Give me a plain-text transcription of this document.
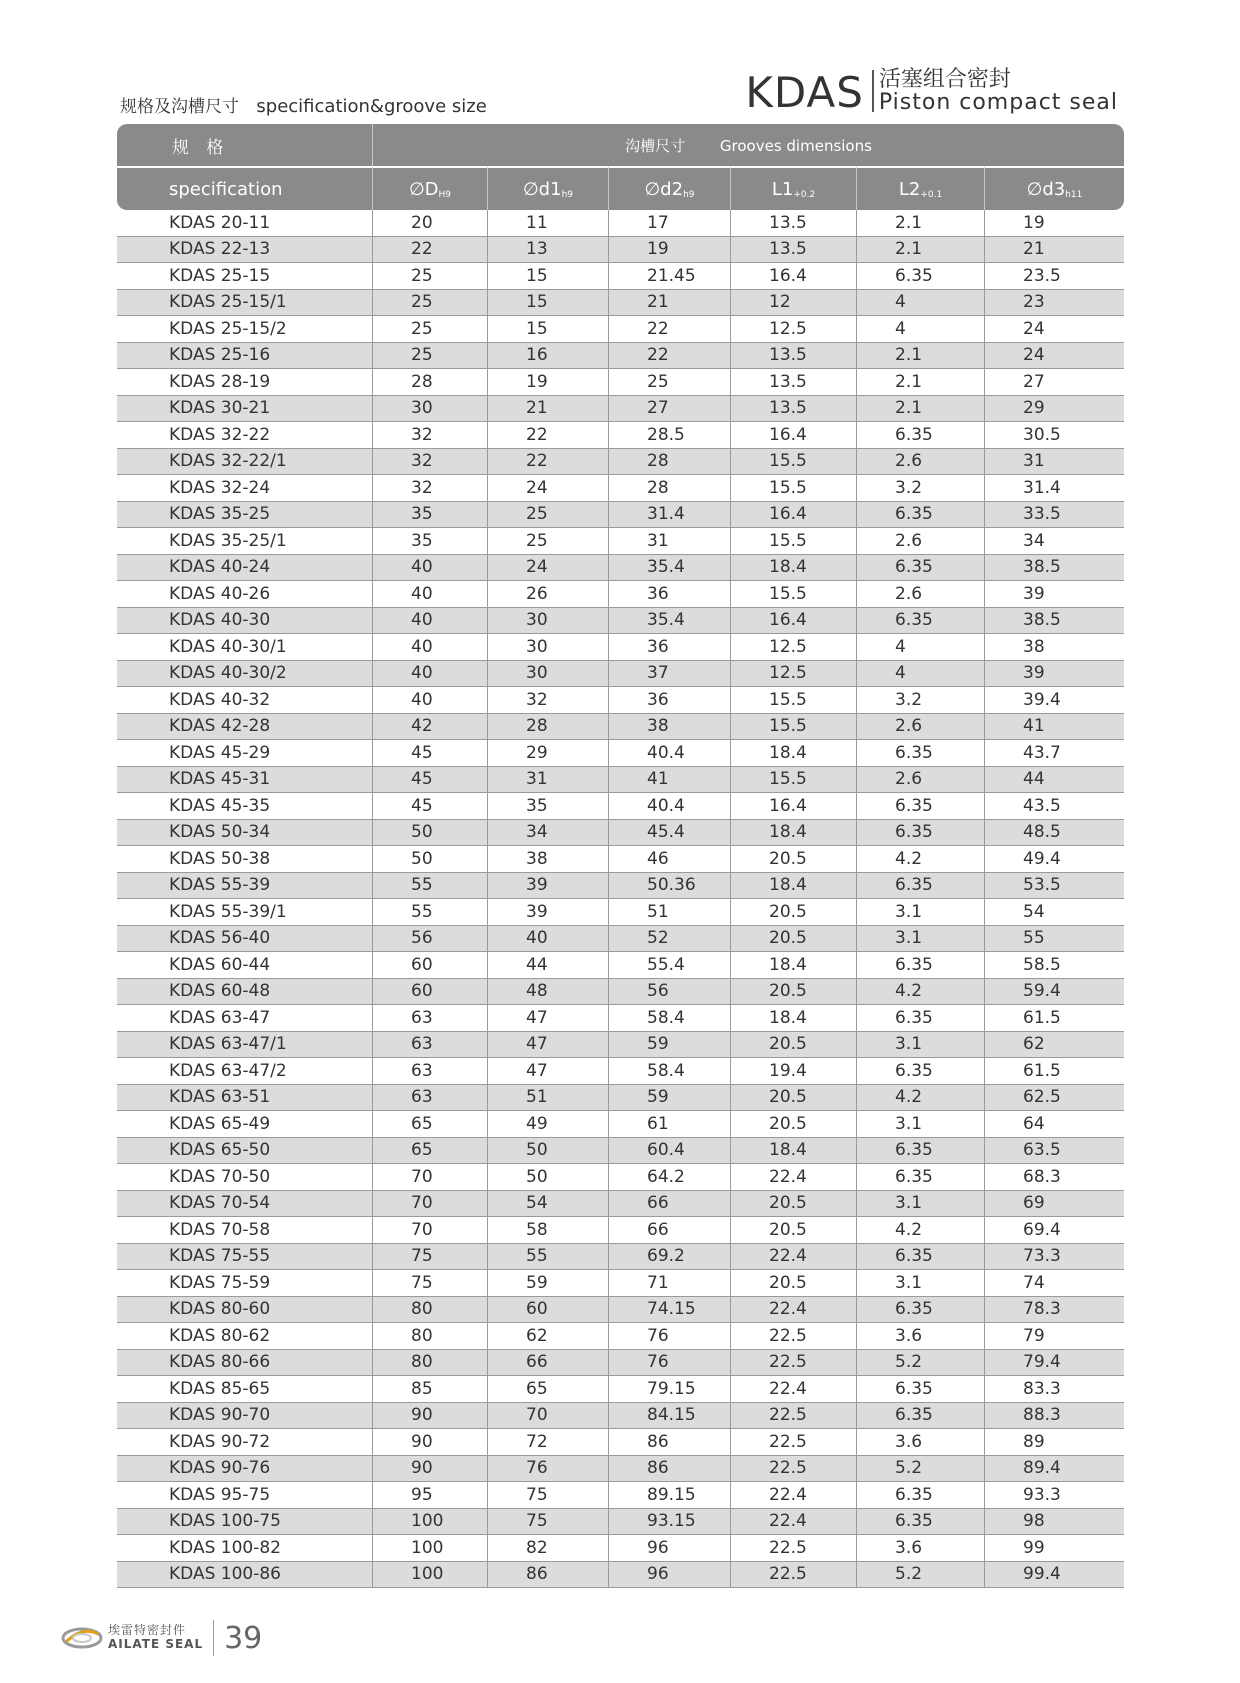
规格及沟槽尺寸 specification&groove size	KDAS 活塞组合密封
Piston compact seal
规 格	沟槽尺寸 Grooves dimensions					
specification	$\emptyset D_{H9}$	$\emptyset d1_{h9}$	$\emptyset d2_{h9}$	$L1_{+0.2}$	$L2_{+0.1}$	$\emptyset d3_{h11}$
KDAS 20-11	20	11	17	13.5	2.1	19
KDAS 22-13	22	13	19	13.5	2.1	21
KDAS 25-15	25	15	21.45	16.4	6.35	23.5
KDAS 25-15/1	25	15	21	12	4	23
KDAS 25-15/2	25	15	22	12.5	4	24
KDAS 25-16	25	16	22	13.5	2.1	24
KDAS 28-19	28	19	25	13.5	2.1	27
KDAS 30-21	30	21	27	13.5	2.1	29
KDAS 32-22	32	22	28.5	16.4	6.35	30.5
KDAS 32-22/1	32	22	28	15.5	2.6	31
KDAS 32-24	32	24	28	15.5	3.2	31.4
KDAS 35-25	35	25	31.4	16.4	6.35	33.5
KDAS 35-25/1	35	25	31	15.5	2.6	34
KDAS 40-24	40	24	35.4	18.4	6.35	38.5
KDAS 40-26	40	26	36	15.5	2.6	39
KDAS 40-30	40	30	35.4	16.4	6.35	38.5
KDAS 40-30/1	40	30	36	12.5	4	38
KDAS 40-30/2	40	30	37	12.5	4	39
KDAS 40-32	40	32	36	15.5	3.2	39.4
KDAS 42-28	42	28	38	15.5	2.6	41
KDAS 45-29	45	29	40.4	18.4	6.35	43.7
KDAS 45-31	45	31	41	15.5	2.6	44
KDAS 45-35	45	35	40.4	16.4	6.35	43.5
KDAS 50-34	50	34	45.4	18.4	6.35	48.5
KDAS 50-38	50	38	46	20.5	4.2	49.4
KDAS 55-39	55	39	50.36	18.4	6.35	53.5
KDAS 55-39/1	55	39	51	20.5	3.1	54
KDAS 56-40	56	40	52	20.5	3.1	55
KDAS 60-44	60	44	55.4	18.4	6.35	58.5
KDAS 60-48	60	48	56	20.5	4.2	59.4
KDAS 63-47	63	47	58.4	18.4	6.35	61.5
KDAS 63-47/1	63	47	59	20.5	3.1	62
KDAS 63-47/2	63	47	58.4	19.4	6.35	61.5
KDAS 63-51	63	51	59	20.5	4.2	62.5
KDAS 65-49	65	49	61	20.5	3.1	64
KDAS 65-50	65	50	60.4	18.4	6.35	63.5
KDAS 70-50	70	50	64.2	22.4	6.35	68.3
KDAS 70-54	70	54	66	20.5	3.1	69
KDAS 70-58	70	58	66	20.5	4.2	69.4
KDAS 75-55	75	55	69.2	22.4	6.35	73.3
KDAS 75-59	75	59	71	20.5	3.1	74
KDAS 80-60	80	60	74.15	22.4	6.35	78.3
KDAS 80-62	80	62	76	22.5	3.6	79
KDAS 80-66	80	66	76	22.5	5.2	79.4
KDAS 85-65	85	65	79.15	22.4	6.35	83.3
KDAS 90-70	90	70	84.15	22.5	6.35	88.3
KDAS 90-72	90	72	86	22.5	3.6	89
KDAS 90-76	90	76	86	22.5	5.2	89.4
KDAS 95-75	95	75	89.15	22.4	6.35	93.3
KDAS 100-75	100	75	93.15	22.4	6.35	98
KDAS 100-82	100	82	96	22.5	3.6	99
KDAS 100-86	100	86	96	22.5	5.2	99.4
埃雷特密封件
AILATE SEAL 39
